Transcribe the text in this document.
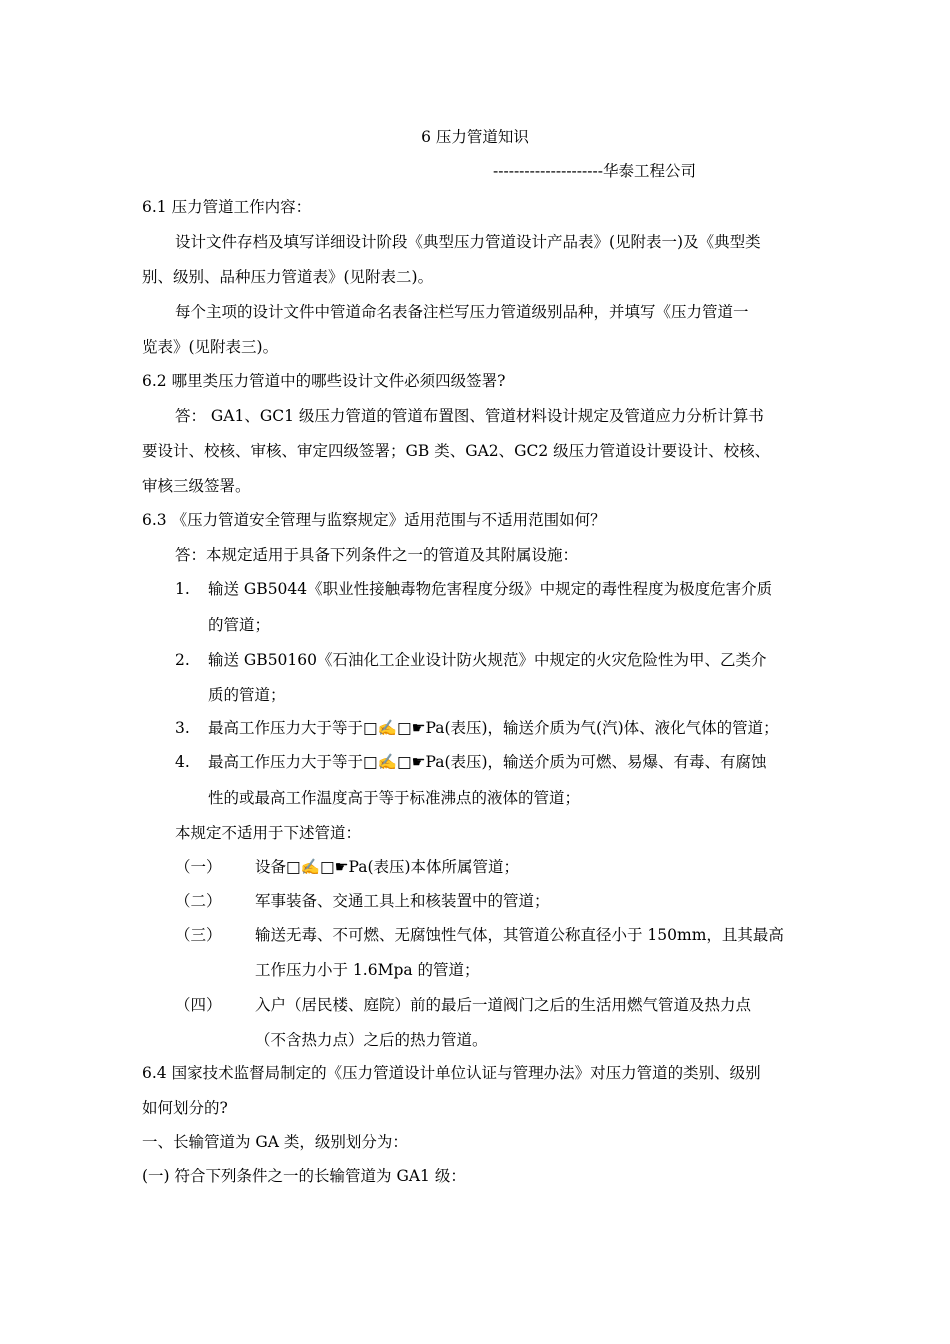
6 压力管道知识
---------------------华泰工程公司
6.1 压力管道工作内容：
设计文件存档及填写详细设计阶段《典型压力管道设计产品表》(见附表一)及《典型类
别、级别、品种压力管道表》(见附表二)。
每个主项的设计文件中管道命名表备注栏写压力管道级别品种，并填写《压力管道一
览表》(见附表三)。
6.2 哪里类压力管道中的哪些设计文件必须四级签署?
答： GA1、GC1 级压力管道的管道布置图、管道材料设计规定及管道应力分析计算书
要设计、校核、审核、审定四级签署；GB 类、GA2、GC2 级压力管道设计要设计、校核、
审核三级签署。
6.3 《压力管道安全管理与监察规定》适用范围与不适用范围如何？
答：本规定适用于具备下列条件之一的管道及其附属设施：
1. 输送 GB5044《职业性接触毒物危害程度分级》中规定的毒性程度为极度危害介质
的管道；
2. 输送 GB50160《石油化工企业设计防火规范》中规定的火灾危险性为甲、乙类介
质的管道；
3. 最高工作压力大于等于□✍□☛Pa(表压)，输送介质为气(汽)体、液化气体的管道；
4. 最高工作压力大于等于□✍□☛Pa(表压)，输送介质为可燃、易爆、有毒、有腐蚀
性的或最高工作温度高于等于标准沸点的液体的管道；
本规定不适用于下述管道：
（一） 设备□✍□☛Pa(表压)本体所属管道；
（二） 军事装备、交通工具上和核装置中的管道；
（三） 输送无毒、不可燃、无腐蚀性气体，其管道公称直径小于 150mm，且其最高
工作压力小于 1.6Mpa 的管道；
（四） 入户（居民楼、庭院）前的最后一道阀门之后的生活用燃气管道及热力点
（不含热力点）之后的热力管道。
6.4 国家技术监督局制定的《压力管道设计单位认证与管理办法》对压力管道的类别、级别
如何划分的?
一、长输管道为 GA 类，级别划分为：
(一) 符合下列条件之一的长输管道为 GA1 级：
